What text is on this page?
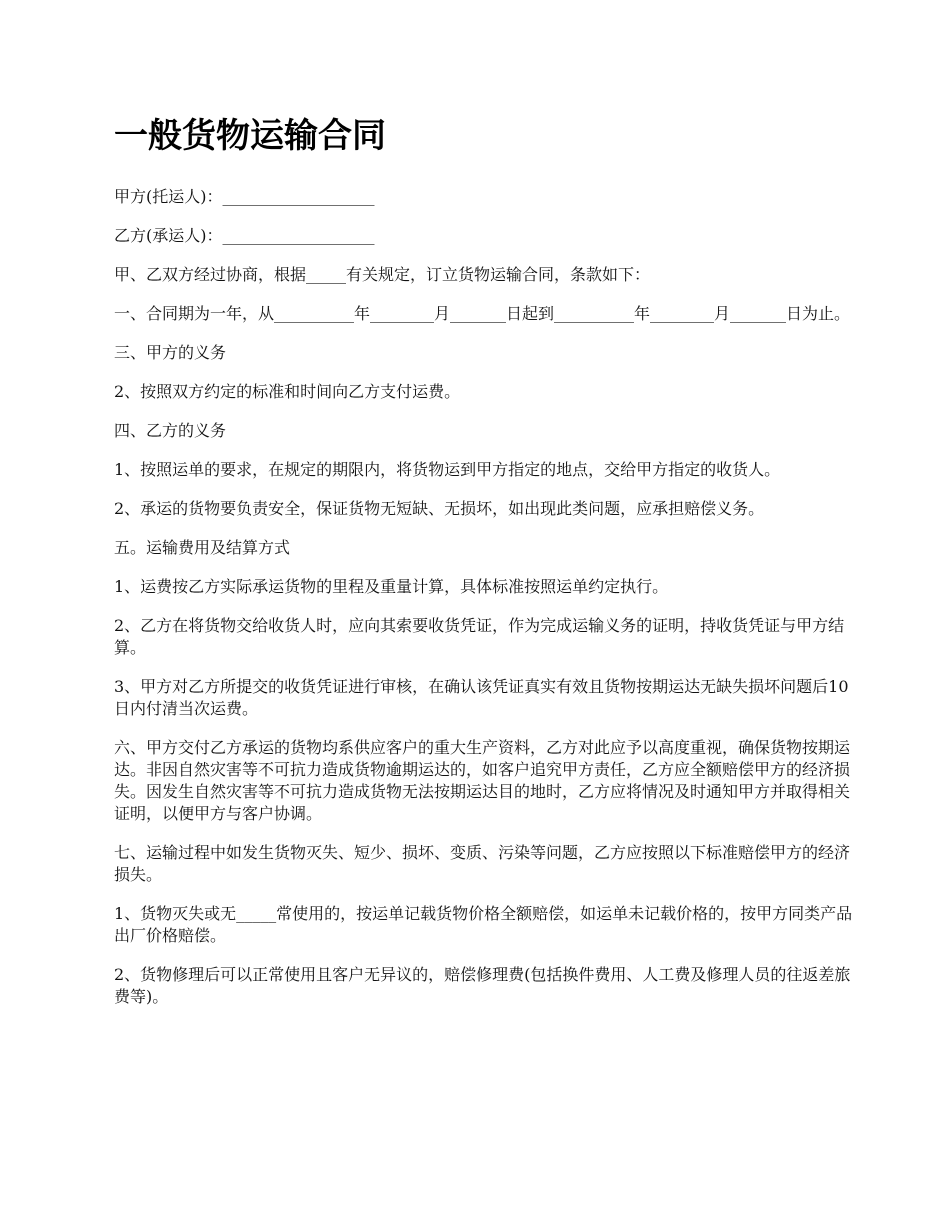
一般货物运输合同

甲方(托运人)：___________________

乙方(承运人)：___________________

甲、乙双方经过协商，根据_____有关规定，订立货物运输合同，条款如下：

一、合同期为一年，从__________年________月_______日起到__________年________月_______日为止。

三、甲方的义务

2、按照双方约定的标准和时间向乙方支付运费。

四、乙方的义务

1、按照运单的要求，在规定的期限内，将货物运到甲方指定的地点，交给甲方指定的收货人。

2、承运的货物要负责安全，保证货物无短缺、无损坏，如出现此类问题，应承担赔偿义务。

五。运输费用及结算方式

1、运费按乙方实际承运货物的里程及重量计算，具体标准按照运单约定执行。

2、乙方在将货物交给收货人时，应向其索要收货凭证，作为完成运输义务的证明，持收货凭证与甲方结算。

3、甲方对乙方所提交的收货凭证进行审核，在确认该凭证真实有效且货物按期运达无缺失损坏问题后10日内付清当次运费。

六、甲方交付乙方承运的货物均系供应客户的重大生产资料，乙方对此应予以高度重视，确保货物按期运达。非因自然灾害等不可抗力造成货物逾期运达的，如客户追究甲方责任，乙方应全额赔偿甲方的经济损失。因发生自然灾害等不可抗力造成货物无法按期运达目的地时，乙方应将情况及时通知甲方并取得相关证明，以便甲方与客户协调。

七、运输过程中如发生货物灭失、短少、损坏、变质、污染等问题，乙方应按照以下标准赔偿甲方的经济损失。

1、货物灭失或无_____常使用的，按运单记载货物价格全额赔偿，如运单未记载价格的，按甲方同类产品出厂价格赔偿。

2、货物修理后可以正常使用且客户无异议的，赔偿修理费(包括换件费用、人工费及修理人员的往返差旅费等)。
